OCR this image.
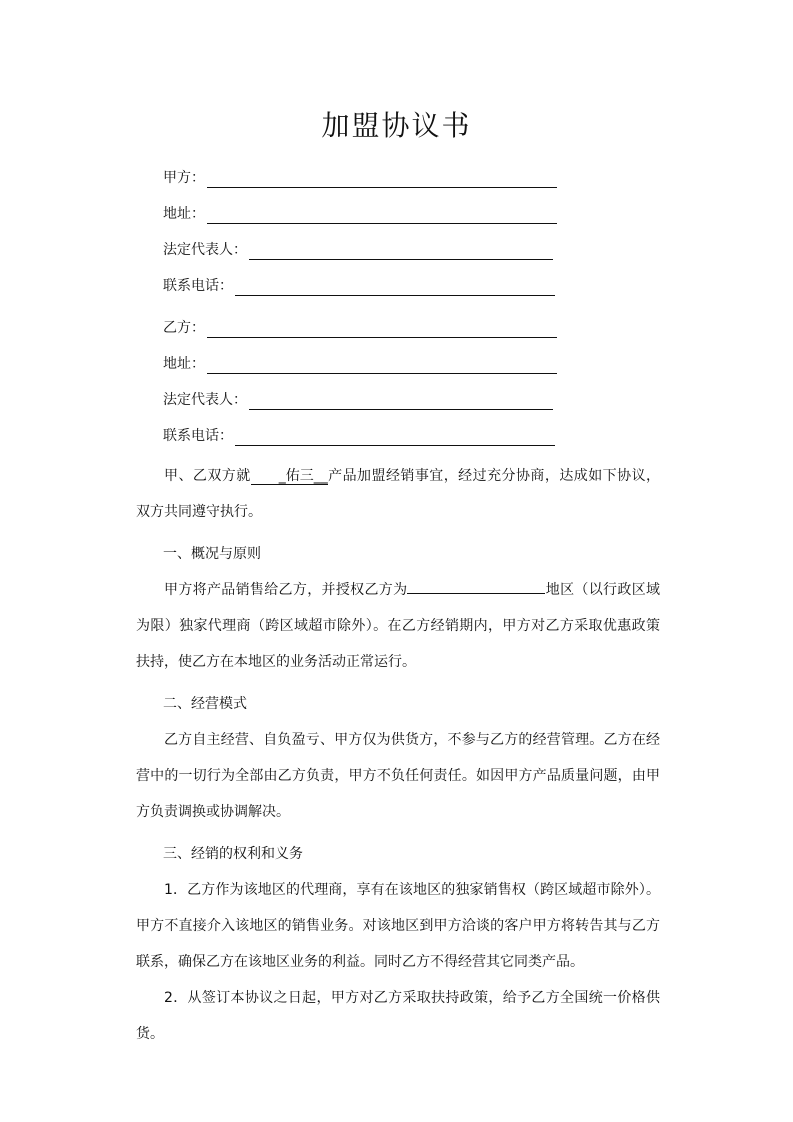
加盟协议书
甲方：
地址：
法定代表人：
联系电话：
乙方：
地址：
法定代表人：
联系电话：
甲、乙双方就 _佑三__产品加盟经销事宜，经过充分协商，达成如下协议，双方共同遵守执行。
一、概况与原则
甲方将产品销售给乙方，并授权乙方为	地区（以行政区域为限）独家代理商（跨区域超市除外）。在乙方经销期内，甲方对乙方采取优惠政策扶持，使乙方在本地区的业务活动正常运行。
二、经营模式
乙方自主经营、自负盈亏、甲方仅为供货方，不参与乙方的经营管理。乙方在经营中的一切行为全部由乙方负责，甲方不负任何责任。如因甲方产品质量问题，由甲方负责调换或协调解决。
三、经销的权利和义务
1．乙方作为该地区的代理商，享有在该地区的独家销售权（跨区域超市除外）。甲方不直接介入该地区的销售业务。对该地区到甲方洽谈的客户甲方将转告其与乙方联系，确保乙方在该地区业务的利益。同时乙方不得经营其它同类产品。
2．从签订本协议之日起，甲方对乙方采取扶持政策，给予乙方全国统一价格供货。
